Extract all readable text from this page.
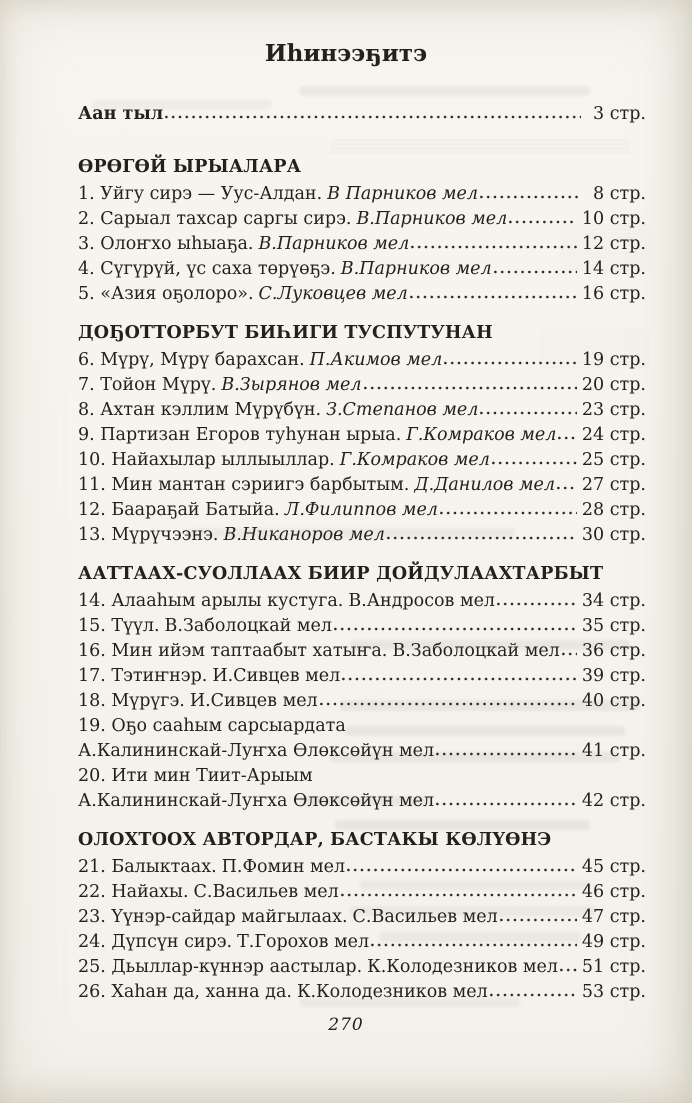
Иһинээҕитэ
Аан тыл	3 стр.
ӨРӨГӨЙ ЫРЫАЛАРА
1. Уйгу сирэ — Уус-Алдан. В Парников мел	8 стр.
2. Сарыал тахсар саргы сирэ. В.Парников мел	10 стр.
3. Олоҥхо ыһыаҕа. В.Парников мел	12 стр.
4. Сүгүрүй, үс саха төрүөҕэ. В.Парников мел	14 стр.
5. «Азия оҕолоро». С.Луковцев мел	16 стр.
ДОҔОТТОРБУТ БИҺИГИ ТУСПУТУНАН
6. Мүрү, Мүрү барахсан. П.Акимов мел	19 стр.
7. Тойон Мүрү. В.Зырянов мел	20 стр.
8. Ахтан кэллим Мүрүбүн. З.Степанов мел	23 стр.
9. Партизан Егоров туһунан ырыа. Г.Комраков мел 24 стр.
10. Найахылар ыллыыллар. Г.Комраков мел	25 стр.
11. Мин мантан сэриигэ барбытым. Д.Данилов мел 27 стр.
12. Баараҕай Батыйа. Л.Филиппов мел	28 стр.
13. Мүрүчээнэ. В.Никаноров мел	30 стр.
ААТТААХ-СУОЛЛААХ БИИР ДОЙДУЛААХТАРБЫТ
14. Алааһым арылы кустуга. В.Андросов мел	34 стр.
15. Түүл. В.Заболоцкай мел	35 стр.
16. Мин ийэм таптаабыт хатыҥа. В.Заболоцкай мел 36 стр.
17. Тэтиҥнэр. И.Сивцев мел	39 стр.
18. Мүрүгэ. И.Сивцев мел	40 стр.
19. Оҕо сааһым сарсыардата
А.Калининскай-Луҥха Өлөксөйүн мел	41 стр.
20. Ити мин Тиит-Арыым
А.Калининскай-Луҥха Өлөксөйүн мел	42 стр.
ОЛОХТООХ АВТОРДАР, БАСТАКЫ КӨЛҮӨНЭ
21. Балыктаах. П.Фомин мел	45 стр.
22. Найахы. С.Васильев мел	46 стр.
23. Үүнэр-сайдар майгылаах. С.Васильев мел	47 стр.
24. Дүпсүн сирэ. Т.Горохов мел	49 стр.
25. Дьыллар-күннэр аастылар. К.Колодезников мел 51 стр.
26. Хаһан да, ханна да. К.Колодезников мел	53 стр.
270
